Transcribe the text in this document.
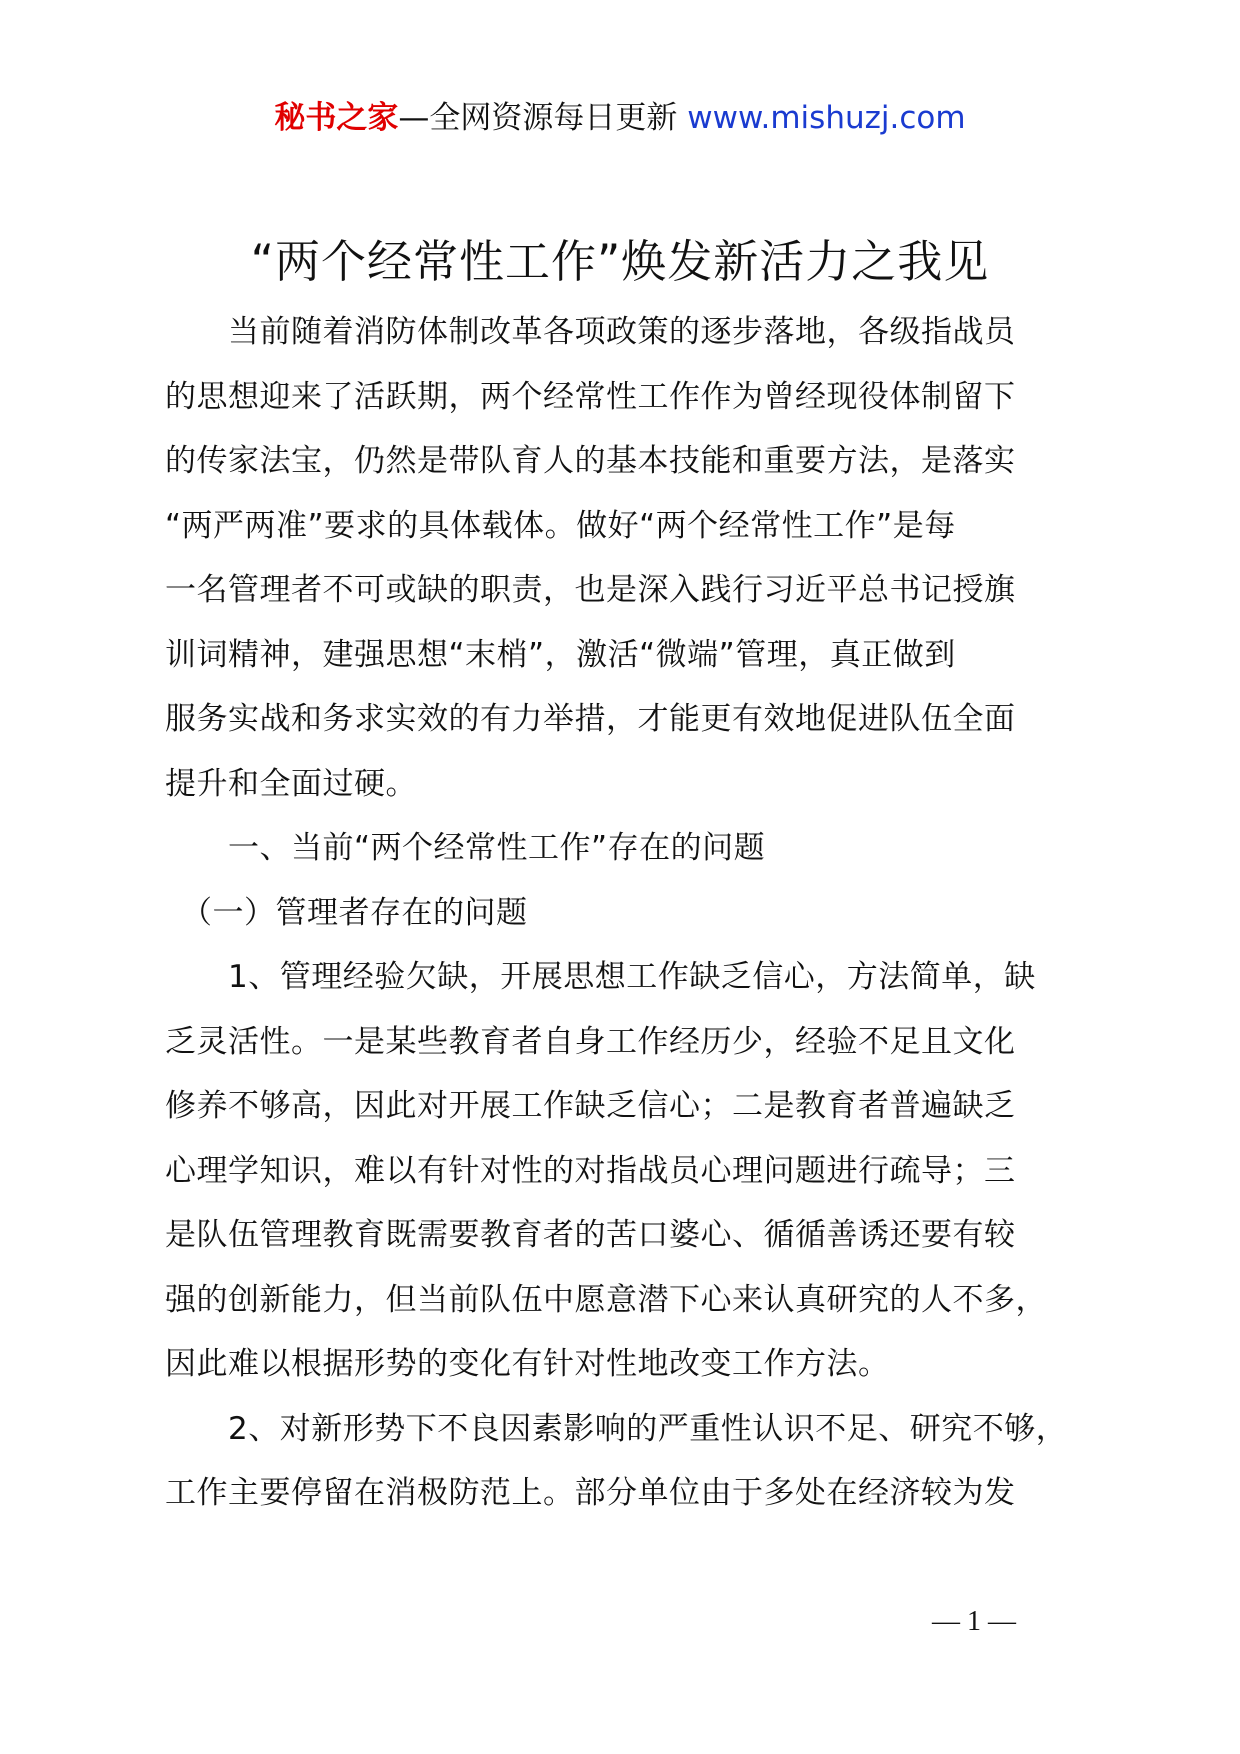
秘书之家—全网资源每日更新 www.mishuzj.com
“两个经常性工作”焕发新活力之我见
　　当前随着消防体制改革各项政策的逐步落地，各级指战员
的思想迎来了活跃期，两个经常性工作作为曾经现役体制留下
的传家法宝，仍然是带队育人的基本技能和重要方法，是落实
“两严两准”要求的具体载体。做好“两个经常性工作”是每
一名管理者不可或缺的职责，也是深入践行习近平总书记授旗
训词精神，建强思想“末梢”，激活“微端”管理，真正做到
服务实战和务求实效的有力举措，才能更有效地促进队伍全面
提升和全面过硬。
　　一、当前“两个经常性工作”存在的问题
　（一）管理者存在的问题
　　1、管理经验欠缺，开展思想工作缺乏信心，方法简单，缺
乏灵活性。一是某些教育者自身工作经历少，经验不足且文化
修养不够高，因此对开展工作缺乏信心；二是教育者普遍缺乏
心理学知识，难以有针对性的对指战员心理问题进行疏导；三
是队伍管理教育既需要教育者的苦口婆心、循循善诱还要有较
强的创新能力，但当前队伍中愿意潜下心来认真研究的人不多，
因此难以根据形势的变化有针对性地改变工作方法。
　　2、对新形势下不良因素影响的严重性认识不足、研究不够，
工作主要停留在消极防范上。部分单位由于多处在经济较为发
— 1 —
